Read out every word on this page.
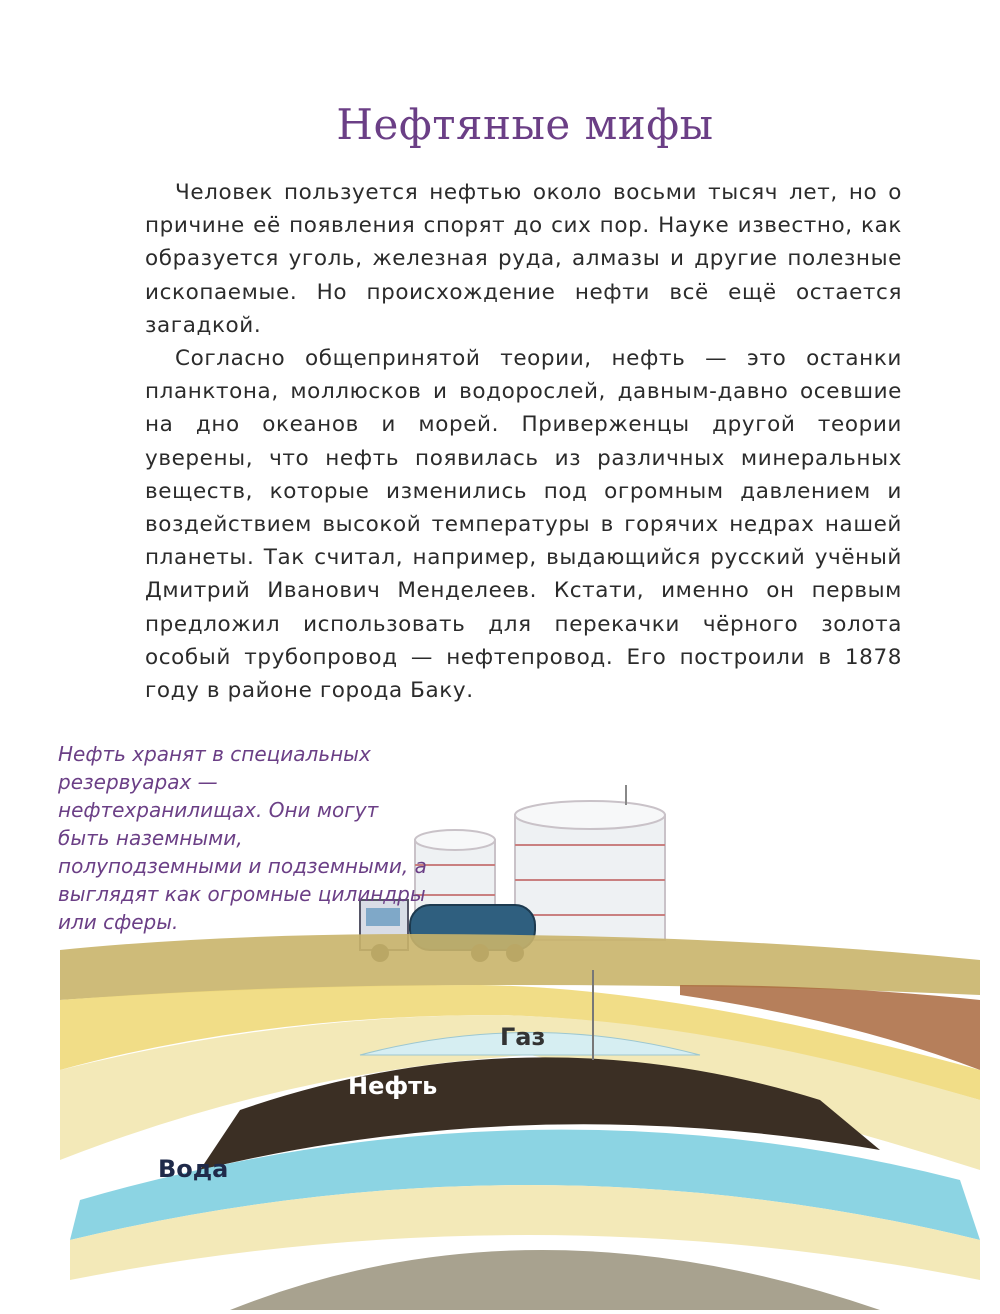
Нефтяные мифы

Человек пользуется нефтью около восьми тысяч лет, но о причине её появления спорят до сих пор. Науке известно, как образуется уголь, железная руда, алмазы и другие полезные ископаемые. Но происхождение нефти всё ещё остается загадкой.

Согласно общепринятой теории, нефть — это останки планктона, моллюсков и водорослей, давным-давно осевшие на дно океанов и морей. Приверженцы другой теории уверены, что нефть появилась из различных минеральных веществ, которые изменились под огромным давлением и воздействием высокой температуры в горячих недрах нашей планеты. Так считал, например, выдающийся русский учёный Дмитрий Иванович Менделеев. Кстати, именно он первым предложил использовать для перекачки чёрного золота особый трубопровод — нефтепровод. Его построили в 1878 году в районе города Баку.

Газ
Нефть
Вода
Нефть хранят в специальных резервуарах — нефтехранилищах. Они могут быть наземными, полуподземными и подземными, а выглядят как огромные цилиндры или сферы.
